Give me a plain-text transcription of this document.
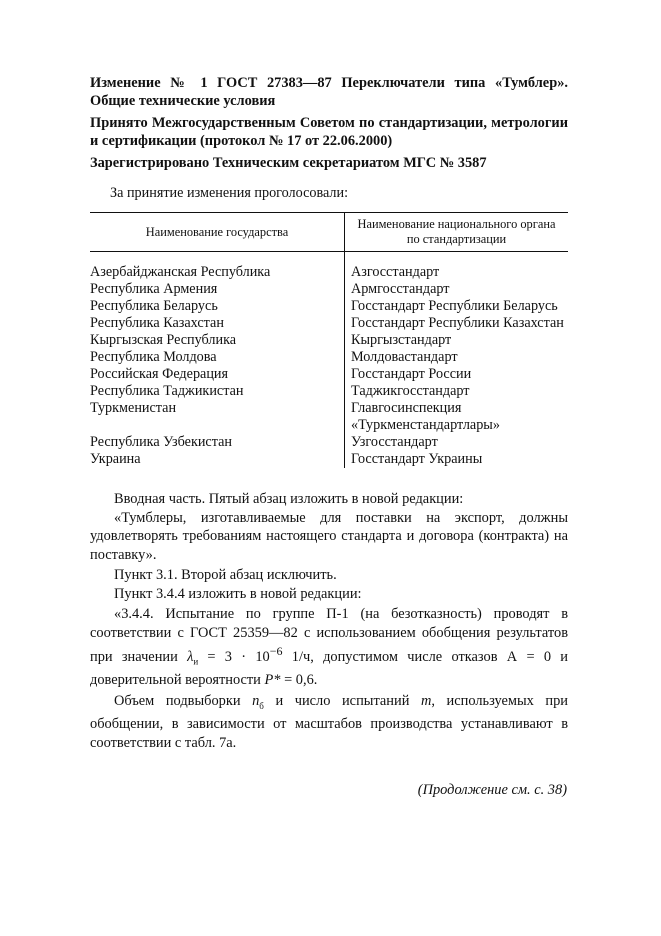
Изменение № 1 ГОСТ 27383—87 Переключатели типа «Тумблер». Общие технические условия
Принято Межгосударственным Советом по стандартизации, метрологии и сертификации (протокол № 17 от 22.06.2000)
Зарегистрировано Техническим секретариатом МГС № 3587
За принятие изменения проголосовали:
Наименование государства	Наименование национального органа по стандартизации
Азербайджанская Республика	Азгосстандарт
Республика Армения	Армгосстандарт
Республика Беларусь	Госстандарт Республики Беларусь
Республика Казахстан	Госстандарт Республики Казахстан
Кыргызская Республика	Кыргызстандарт
Республика Молдова	Молдовастандарт
Российская Федерация	Госстандарт России
Республика Таджикистан	Таджикгосстандарт
Туркменистан	Главгосинспекция «Туркменстандартлары»
Республика Узбекистан	Узгосстандарт
Украина	Госстандарт Украины

Вводная часть. Пятый абзац изложить в новой редакции:

«Тумблеры, изготавливаемые для поставки на экспорт, должны удовлетворять требованиям настоящего стандарта и договора (контракта) на поставку».

Пункт 3.1. Второй абзац исключить.

Пункт 3.4.4 изложить в новой редакции:

«3.4.4. Испытание по группе П-1 (на безотказность) проводят в соответствии с ГОСТ 25359—82 с использованием обобщения результатов при значении $\lambda_и = 3 \cdot 10^{-6}$ 1/ч, допустимом числе отказов А = 0 и доверительной вероятности Р* = 0,6.

Объем подвыборки $n_б$ и число испытаний m, используемых при обобщении, в зависимости от масштабов производства устанавливают в соответствии с табл. 7а.

(Продолжение см. с. 38)
